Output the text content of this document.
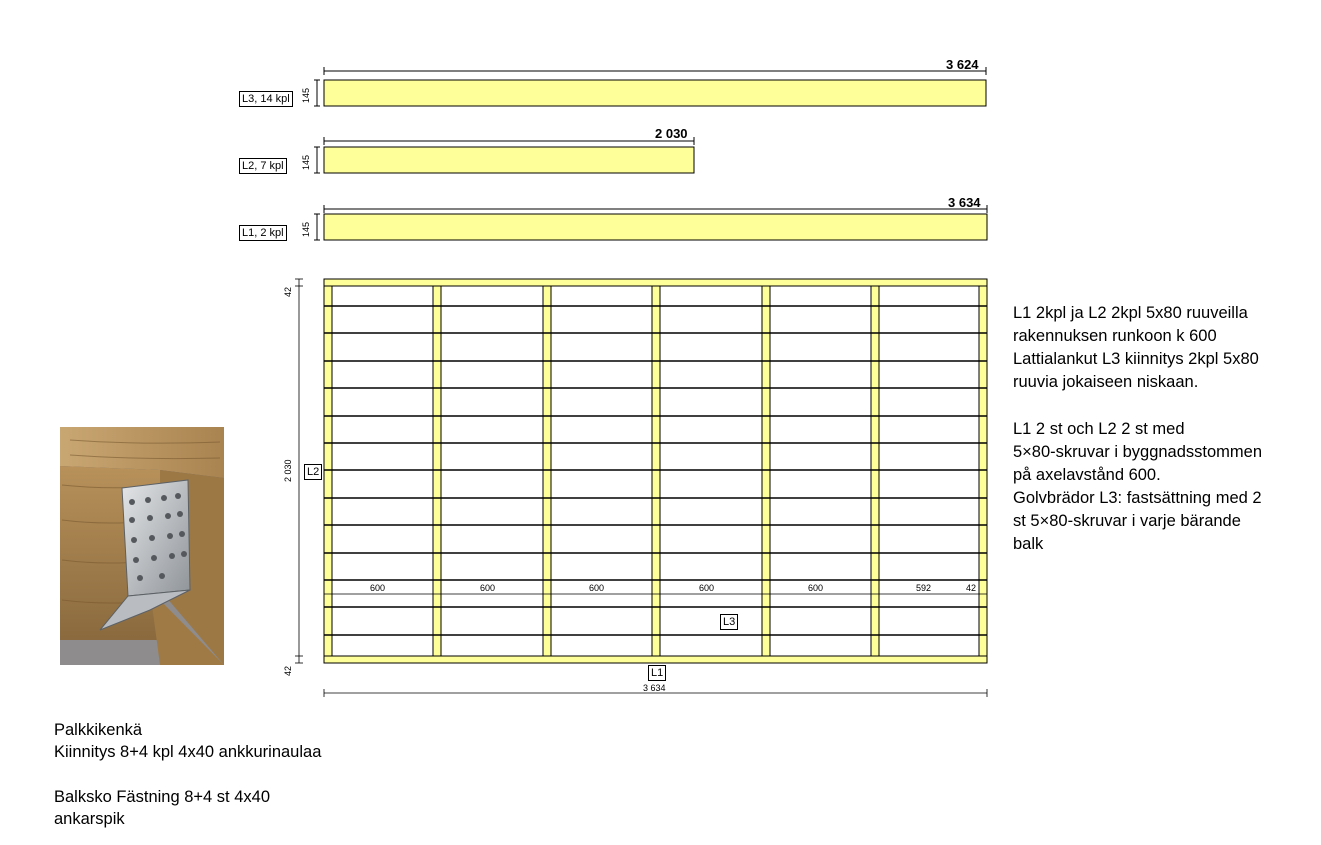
L3, 14 kpl
L2, 7 kpl
L1, 2 kpl
3 624
2 030
3 634
145
145
145
42
42
2 030
3 634
600	600	600	600	600	592	42
L2
L3
L1
L1 2kpl ja L2 2kpl 5x80 ruuveilla
rakennuksen runkoon k 600
Lattialankut L3 kiinnitys 2kpl 5x80
ruuvia jokaiseen niskaan.
L1 2 st och L2 2 st med
5×80-skruvar i byggnadsstommen
på axelavstånd 600.
Golvbrädor L3: fastsättning med 2
st 5×80-skruvar i varje bärande
balk
Palkkikenkä
Kiinnitys 8+4 kpl 4x40 ankkurinaulaa
Balksko Fästning 8+4 st 4x40
ankarspik
